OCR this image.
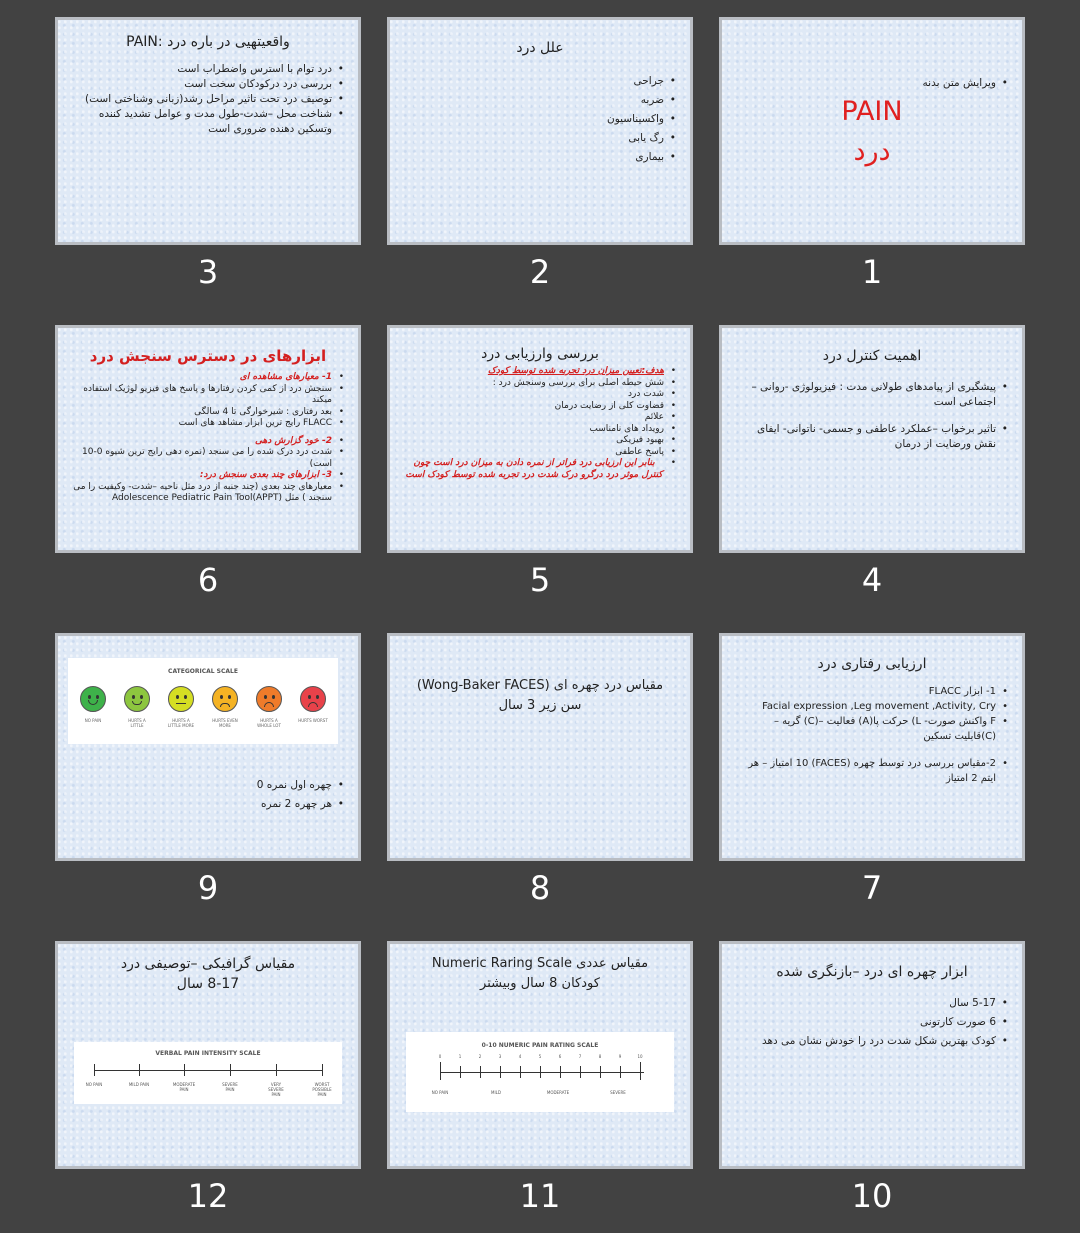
واقعیتهیی در باره درد :PAIN
• درد توام با استرس واضطراب است
• بررسی درد درکودکان سخت است
• توصیف درد تحت تاثیر مراحل رشد(زبانی وشناختی است)
• شناخت محل –شدت-طول مدت و عوامل تشدید کننده وتسکین دهنده ضروری است
3
علل درد
• جراحی
• ضربه
• واکسیناسیون
• رگ یابی
• بیماری
2
• ویرایش متن بدنه
PAIN
درد
1
ابزارهای در دسترس سنجش درد
• 1- معیارهای مشاهده ای
• سنجش درد از کمی کردن رفتارها و پاسخ های فیزیو لوژیک استفاده میکند
• بعد رفتاری : شیرخوارگی تا 4 سالگی
• FLACC رایج ترین ابزار مشاهد های است
• 2- خود گزارش دهی
• شدت درد درک شده را می سنجد (نمره دهی رایج ترین شیوه 0-10 است)
• 3- ابزارهای چند بعدی سنجش درد:
• معیارهای چند بعدی (چند جنبه از درد مثل ناحیه –شدت- وکیفیت را می سنجند ) مثل Adolescence Pediatric Pain Tool(APPT)
6
بررسی وارزیابی درد
• هدف:تعیین میزان درد تجربه شده توسط کودک
• شش حیطه اصلی برای بررسی وسنجش درد :
• شدت درد
• قضاوت کلی از رضایت درمان
• علائم
• رویداد های نامناسب
• بهبود فیزیکی
• پاسخ عاطفی
• بنابر این ارزیابی درد فراتر از نمره دادن به میزان درد است چون کنترل موثر درد درگرو درک شدت درد تجربه شده توسط کودک است
5
اهمیت کنترل درد
• پیشگیری از پیامدهای طولانی مدت : فیزیولوژی -روانی –اجتماعی است
• تاثیر برخواب –عملکرد عاطفی و جسمی- ناتوانی- ایفای نقش ورضایت از درمان
4
CATEGORICAL SCALE
NO PAIN	HURTS A LITTLE
HURTS A LITTLE MORE
HURTS EVEN MORE
HURTS A WHOLE LOT
HURTS WORST
• چهره اول نمره 0
• هر چهره 2 نمره
9
مقیاس درد چهره ای (Wong-Baker FACES)
سن زیر 3 سال
8
ارزیابی رفتاری درد
• 1- ابزار FLACC
• Facial expression ,Leg movement ,Activity, Cry
• F واکنش صورت- L) حرکت پا(A) فعالیت –(C) گریه –(C)قابلیت تسکین
• 2-مقیاس بررسی درد توسط چهره (FACES) 10 امتیاز – هر ایتم 2 امتیاز
7
مقیاس گرافیکی –توصیفی درد
8-17 سال
VERBAL PAIN INTENSITY SCALE
NO PAIN	MILD PAIN	MODERATE PAIN
SEVERE PAIN
VERY SEVERE PAIN
WORST POSSIBLE PAIN
12
مقیاس عددی Numeric Raring Scale
کودکان 8 سال وبیشتر
0-10 NUMERIC PAIN RATING SCALE
0	1	2	3	4	5	6	7	8	9	10
NO PAIN	MILD	MODERATE	SEVERE
11
ابزار چهره ای درد –بازنگری شده
• 5-17 سال
• 6 صورت کارتونی
• کودک بهترین شکل شدت درد را خودش نشان می دهد
10
